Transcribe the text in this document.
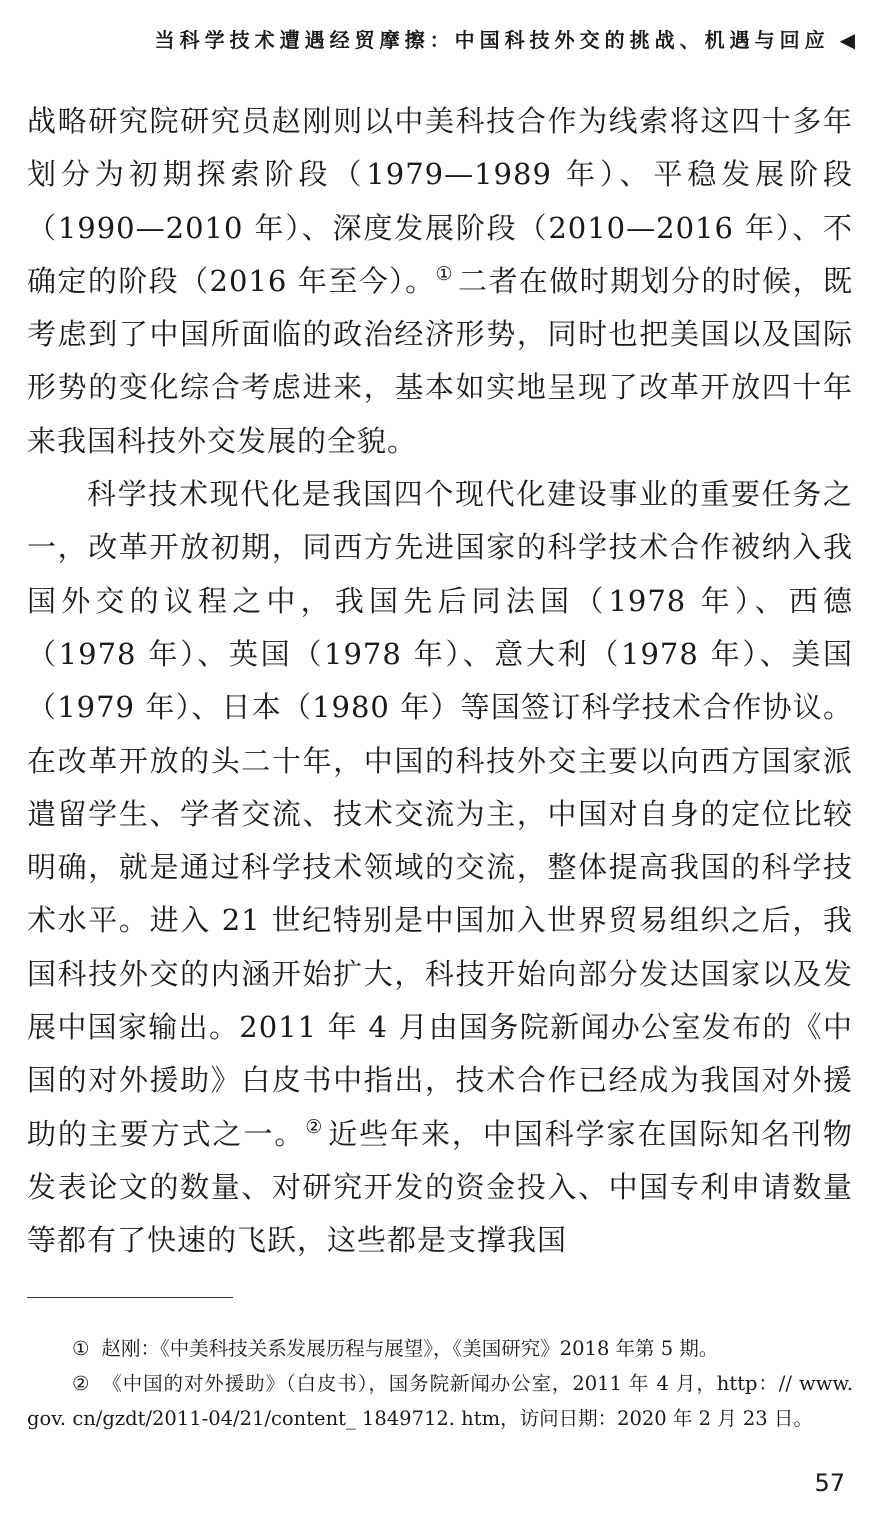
当科学技术遭遇经贸摩擦：中国科技外交的挑战、机遇与回应 ◀

战略研究院研究员赵刚则以中美科技合作为线索将这四十多年划分为初期探索阶段（1979—1989 年）、平稳发展阶段（1990—2010 年）、深度发展阶段（2010—2016 年）、不确定的阶段（2016 年至今）。① 二者在做时期划分的时候，既考虑到了中国所面临的政治经济形势，同时也把美国以及国际形势的变化综合考虑进来，基本如实地呈现了改革开放四十年来我国科技外交发展的全貌。

科学技术现代化是我国四个现代化建设事业的重要任务之一，改革开放初期，同西方先进国家的科学技术合作被纳入我国外交的议程之中，我国先后同法国（1978 年）、西德（1978 年）、英国（1978 年）、意大利（1978 年）、美国（1979 年）、日本（1980 年）等国签订科学技术合作协议。在改革开放的头二十年，中国的科技外交主要以向西方国家派遣留学生、学者交流、技术交流为主，中国对自身的定位比较明确，就是通过科学技术领域的交流，整体提高我国的科学技术水平。进入 21 世纪特别是中国加入世界贸易组织之后，我国科技外交的内涵开始扩大，科技开始向部分发达国家以及发展中国家输出。2011 年 4 月由国务院新闻办公室发布的《中国的对外援助》白皮书中指出，技术合作已经成为我国对外援助的主要方式之一。② 近些年来，中国科学家在国际知名刊物发表论文的数量、对研究开发的资金投入、中国专利申请数量等都有了快速的飞跃，这些都是支撑我国

① 赵刚：《中美科技关系发展历程与展望》，《美国研究》2018 年第 5 期。

② 《中国的对外援助》（白皮书），国务院新闻办公室，2011 年 4 月，http：// www. gov. cn/gzdt/2011-04/21/content_ 1849712. htm，访问日期：2020 年 2 月 23 日。

57
